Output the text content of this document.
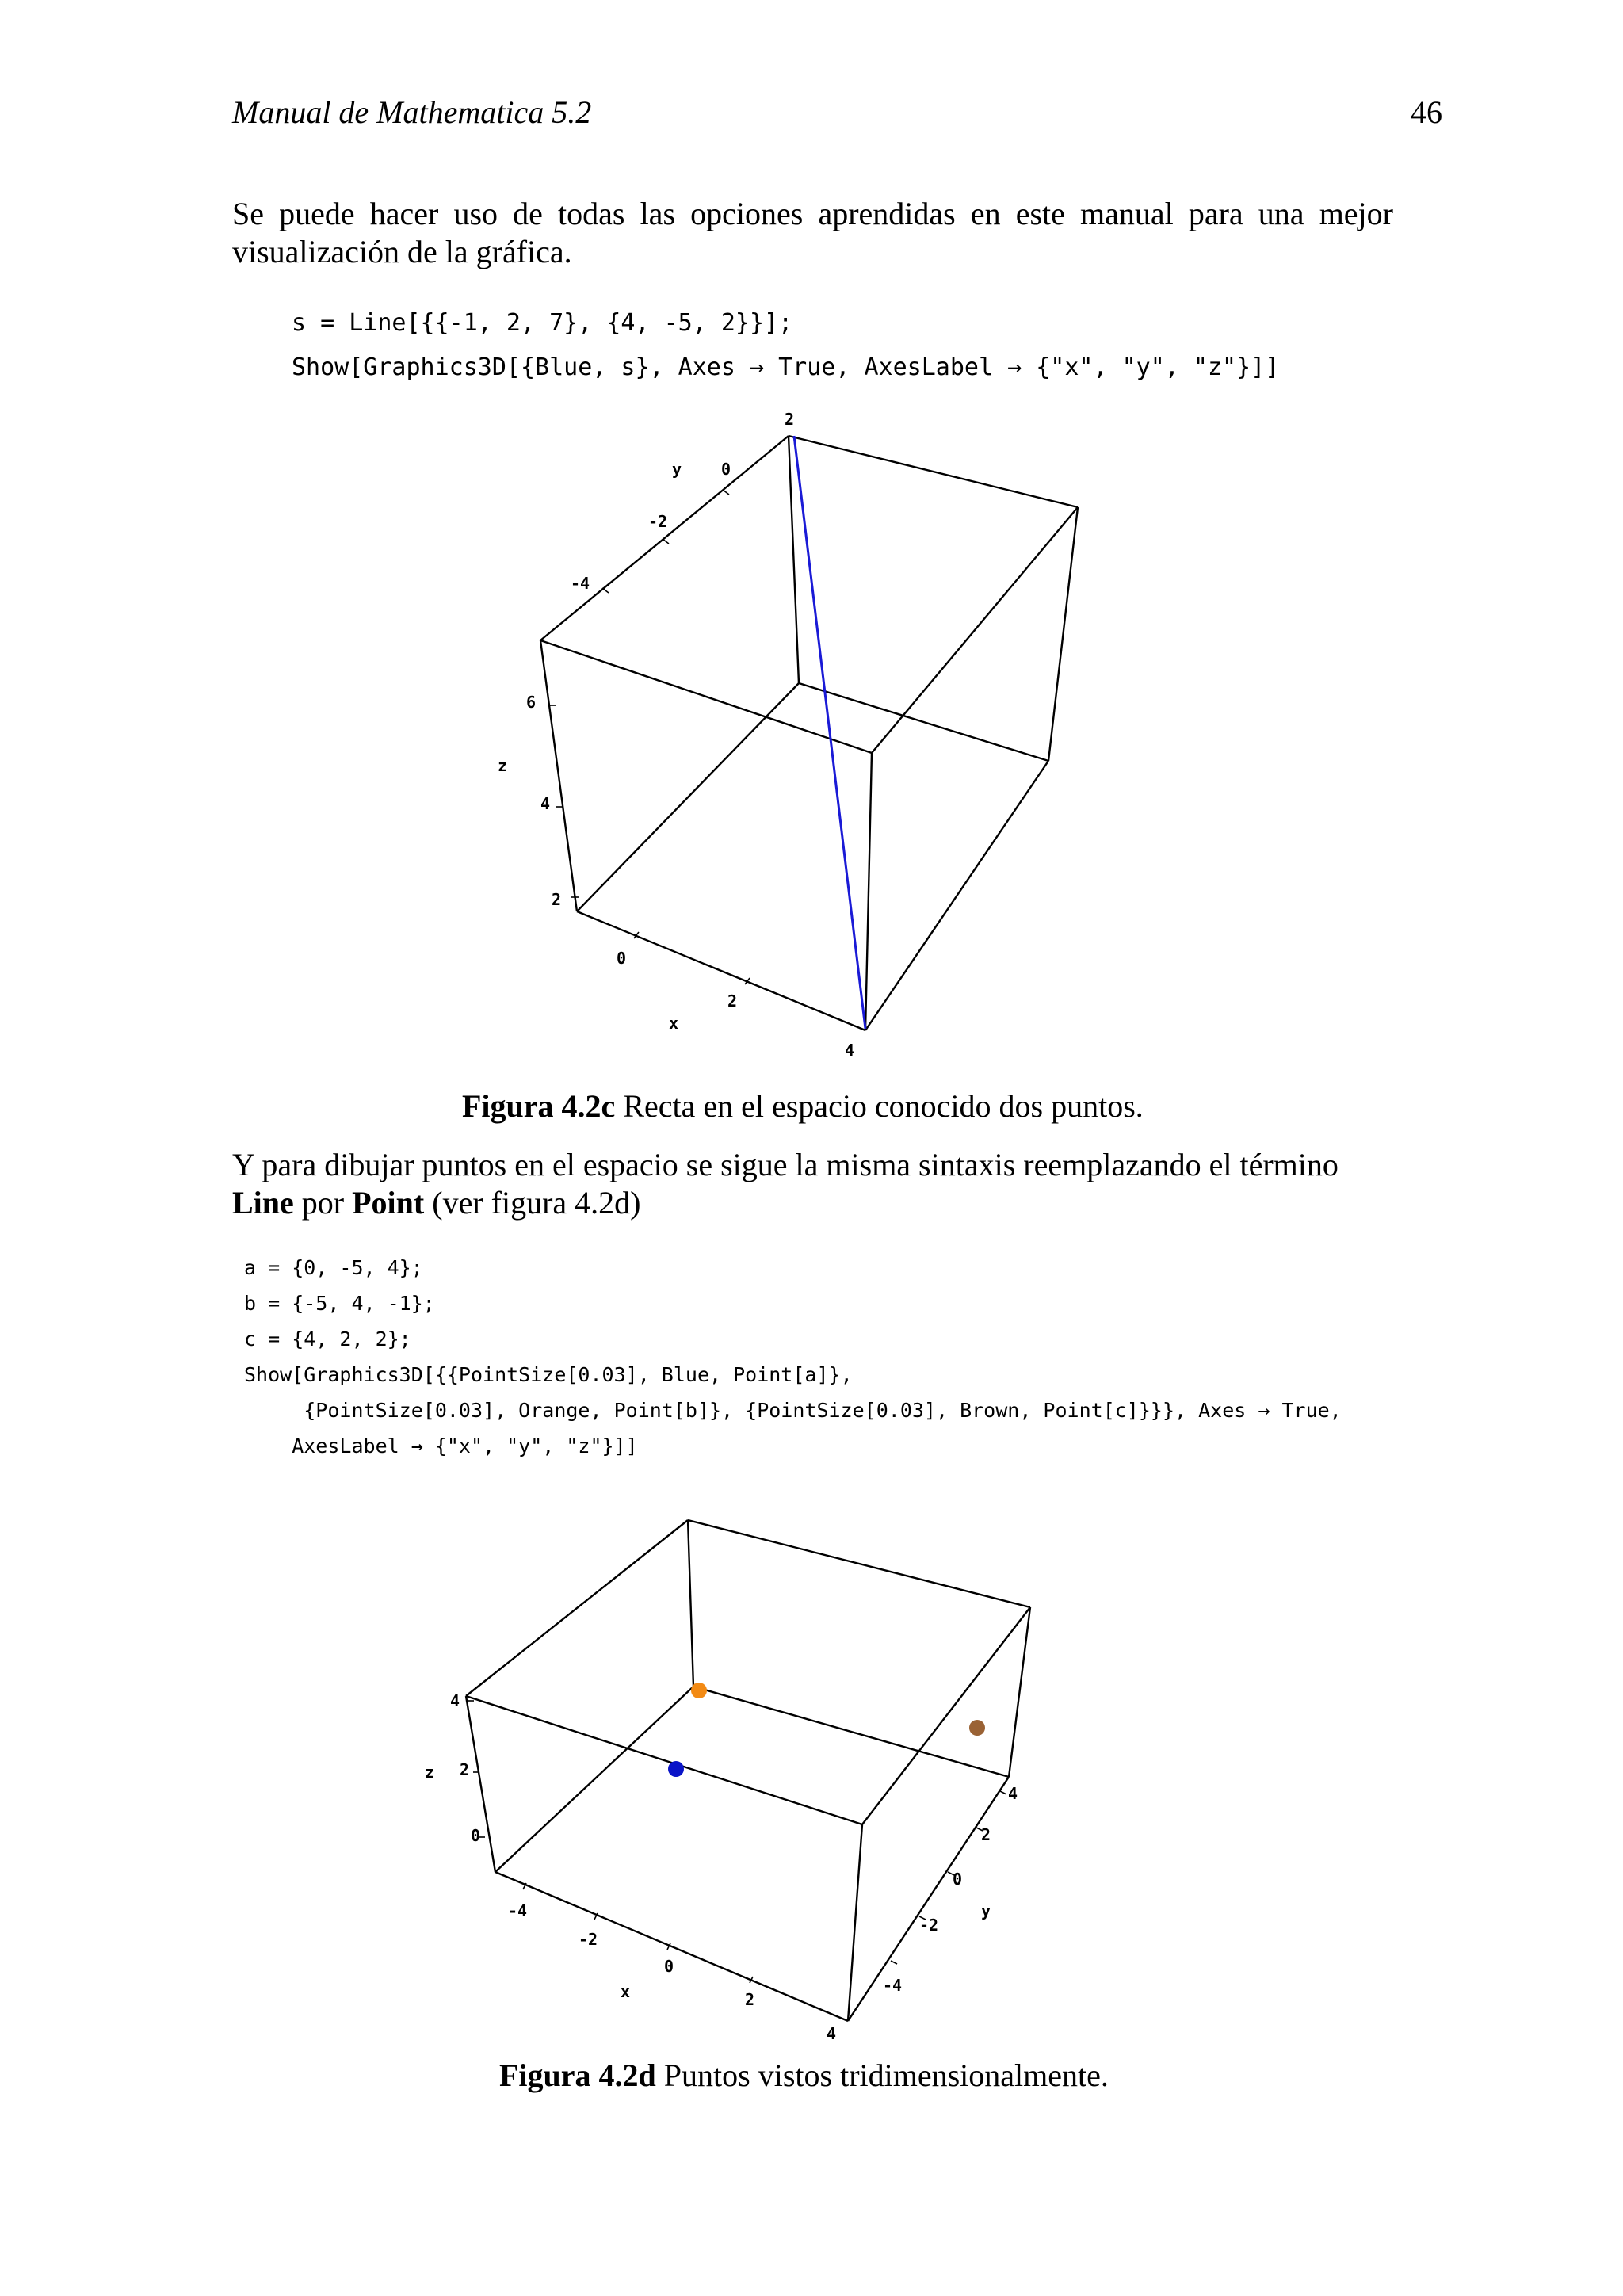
Manual de Mathematica 5.2	46
Se puede hacer uso de todas las opciones aprendidas en este manual para una mejor visualización de la gráfica.
s = Line[{{-1, 2, 7}, {4, -5, 2}}];
Show[Graphics3D[{Blue, s}, Axes → True, AxesLabel → {"x", "y", "z"}]]
2
y 0
-2
-4
6
z
4
2
0
2
x
4
Figura 4.2c Recta en el espacio conocido dos puntos.
Y para dibujar puntos en el espacio se sigue la misma sintaxis reemplazando el término Line por Point (ver figura 4.2d)
a = {0, -5, 4};
b = {-5, 4, -1};
c = {4, 2, 2};
Show[Graphics3D[{{PointSize[0.03], Blue, Point[a]},
{PointSize[0.03], Orange, Point[b]}, {PointSize[0.03], Brown, Point[c]}}}, Axes → True,
AxesLabel → {"x", "y", "z"}]]
4
z 2
0
-4
-2
0
x	2
4
4
2
0
y
-2
-4
Figura 4.2d Puntos vistos tridimensionalmente.
